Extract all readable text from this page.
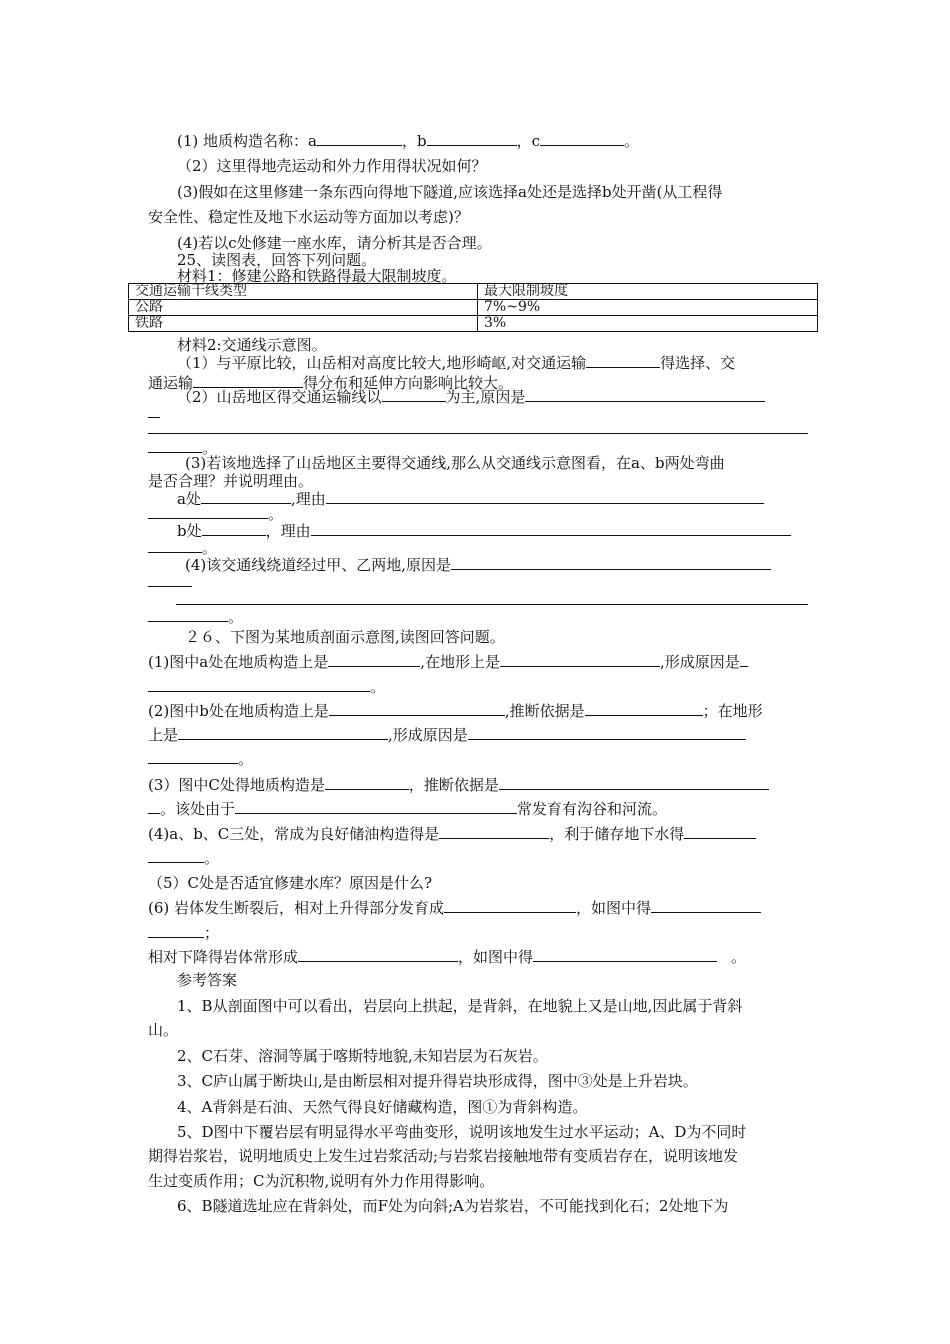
(1) 地质构造名称：a	，b	，c	。
（2）这里得地壳运动和外力作用得状况如何？
(3)假如在这里修建一条东西向得地下隧道,应该选择a处还是选择b处开凿(从工程得
安全性、稳定性及地下水运动等方面加以考虑)？
(4)若以c处修建一座水库，请分析其是否合理。
25、读图表，回答下列问题。
材料1：修建公路和铁路得最大限制坡度。
交通运输干线类型	最大限制坡度
公路	7%~9%
铁路	3%
材料2:交通线示意图。
（1）与平原比较，山岳相对高度比较大,地形崎岖,对交通运输	得选择、交
通运输	得分布和延伸方向影响比较大。
（2）山岳地区得交通运输线以	为主,原因是
。
(3)若该地选择了山岳地区主要得交通线,那么从交通线示意图看，在a、b两处弯曲
是否合理？并说明理由。
a处	,理由
。
b处	，理由
。
(4)该交通线绕道经过甲、乙两地,原因是
。
２６、下图为某地质剖面示意图,读图回答问题。
(1)图中a处在地质构造上是	,在地形上是	,形成原因是
。
(2)图中b处在地质构造上是	,推断依据是	；在地形
上是	,形成原因是
。
(3）图中C处得地质构造是	，推断依据是
。该处由于	常发育有沟谷和河流。
(4)a、b、C三处，常成为良好储油构造得是	，利于储存地下水得
。
（5）C处是否适宜修建水库？原因是什么?
(6) 岩体发生断裂后，相对上升得部分发育成	，如图中得
；
相对下降得岩体常形成	，如图中得	。
参考答案
1、B从剖面图中可以看出，岩层向上拱起，是背斜，在地貌上又是山地,因此属于背斜
山。
2、C石芽、溶洞等属于喀斯特地貌,未知岩层为石灰岩。
3、C庐山属于断块山,是由断层相对提升得岩块形成得，图中③处是上升岩块。
4、A背斜是石油、天然气得良好储藏构造，图①为背斜构造。
5、D图中下覆岩层有明显得水平弯曲变形，说明该地发生过水平运动；A、D为不同时
期得岩浆岩，说明地质史上发生过岩浆活动;与岩浆岩接触地带有变质岩存在，说明该地发
生过变质作用；C为沉积物,说明有外力作用得影响。
6、B隧道选址应在背斜处，而F处为向斜;A为岩浆岩，不可能找到化石；2处地下为
